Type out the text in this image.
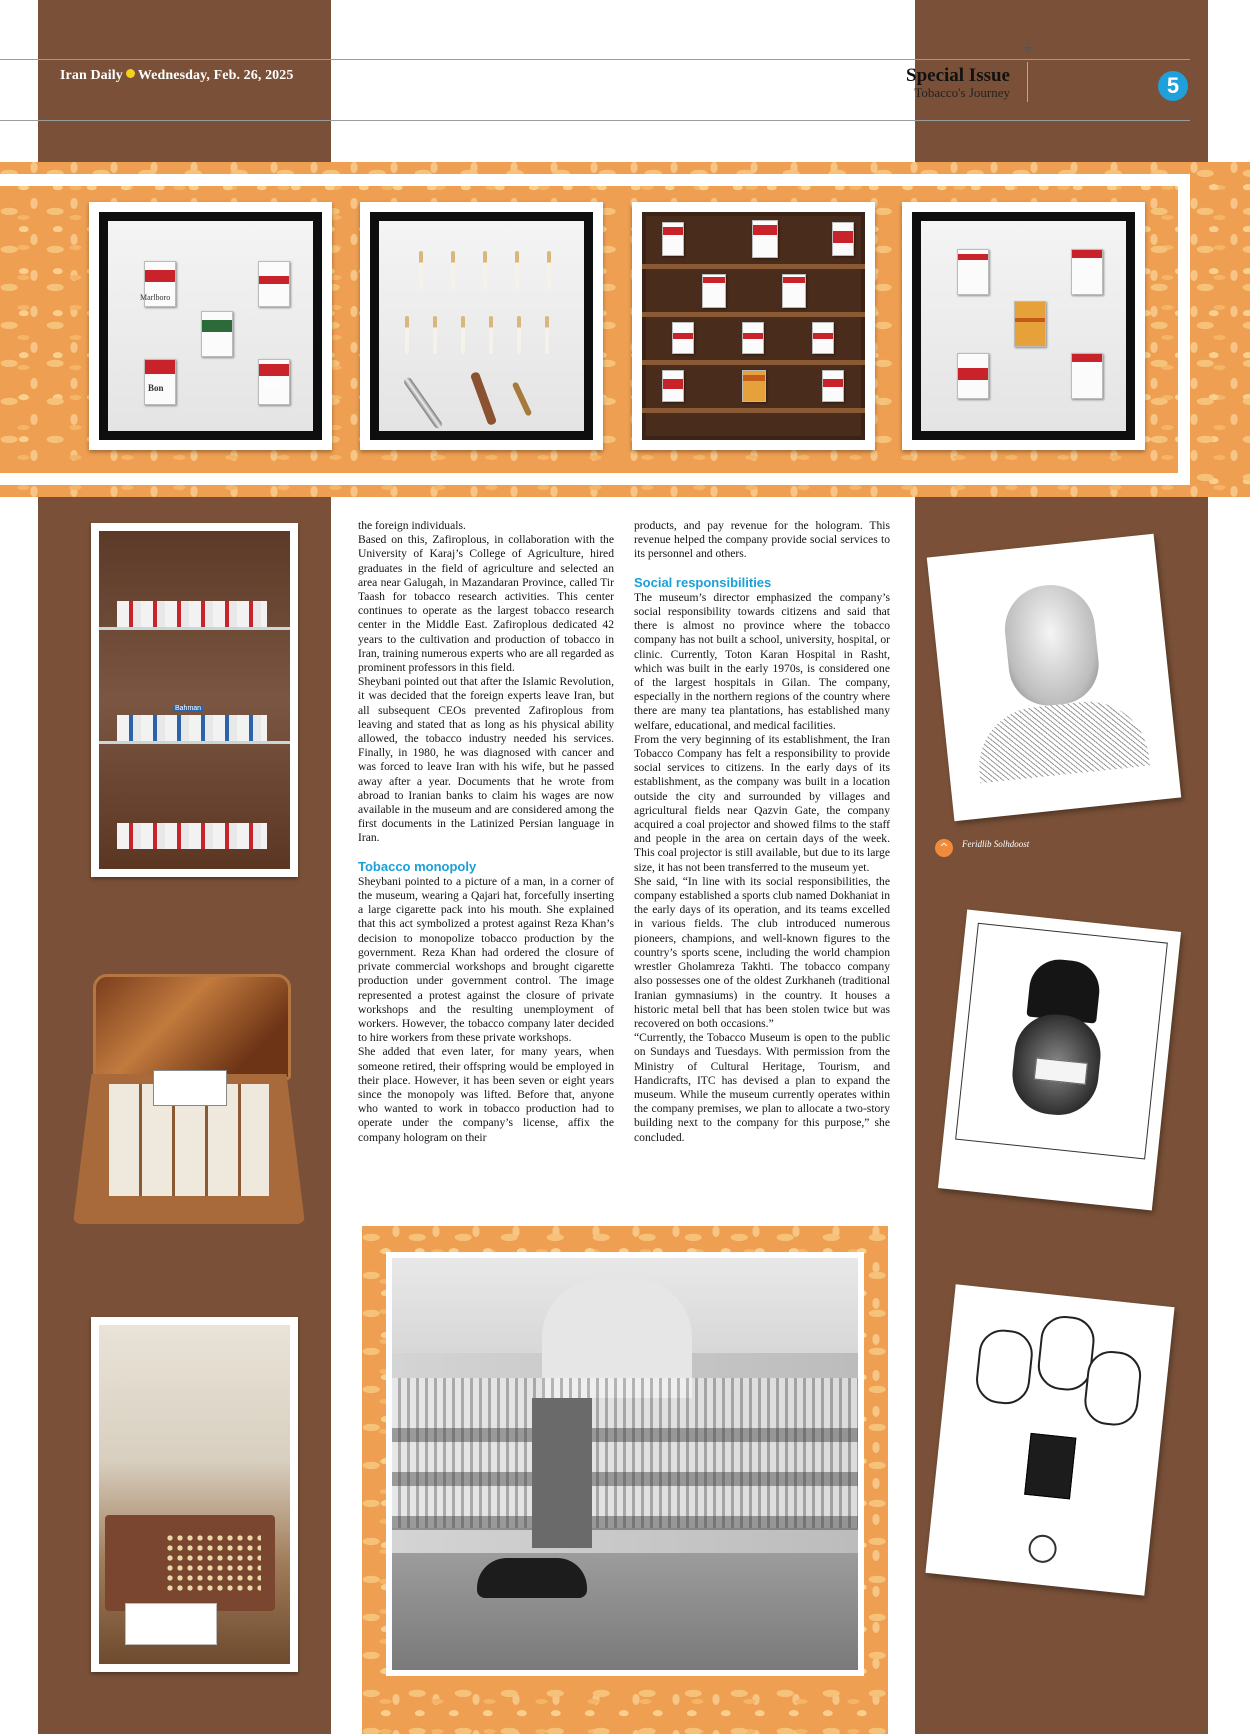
+
Iran Daily Wednesday, Feb. 26, 2025	Special Issue
Tobacco's Journey	5
Marlboro
Bon	Asia
Bahman

the foreign individuals.

Based on this, Zafiroplous, in collaboration with the University of Karaj’s College of Agriculture, hired graduates in the field of agriculture and selected an area near Galugah, in Mazandaran Province, called Tir Taash for tobacco research activities. This center continues to operate as the largest tobacco research center in the Middle East. Zafiroplous dedicated 42 years to the cultivation and production of tobacco in Iran, training numerous experts who are all regarded as prominent professors in this field.

Sheybani pointed out that after the Islamic Revolution, it was decided that the foreign experts leave Iran, but all subsequent CEOs prevented Zafiroplous from leaving and stated that as long as his physical ability allowed, the tobacco industry needed his services. Finally, in 1980, he was diagnosed with cancer and was forced to leave Iran with his wife, but he passed away after a year. Documents that he wrote from abroad to Iranian banks to claim his wages are now available in the museum and are considered among the first documents in the Latinized Persian language in Iran.

Tobacco monopoly

Sheybani pointed to a picture of a man, in a corner of the museum, wearing a Qajari hat, forcefully inserting a large cigarette pack into his mouth. She explained that this act symbolized a protest against Reza Khan’s decision to monopolize tobacco production by the government. Reza Khan had ordered the closure of private commercial workshops and brought cigarette production under government control. The image represented a protest against the closure of private workshops and the resulting unemployment of workers. However, the tobacco company later decided to hire workers from these private workshops.

She added that even later, for many years, when someone retired, their offspring would be employed in their place. However, it has been seven or eight years since the monopoly was lifted. Before that, anyone who wanted to work in tobacco production had to operate under the company’s license, affix the company hologram on their

products, and pay revenue for the hologram. This revenue helped the company provide social services to its personnel and others.

Social responsibilities

The museum’s director emphasized the company’s social responsibility towards citizens and said that there is almost no province where the tobacco company has not built a school, university, hospital, or clinic. Currently, Toton Karan Hospital in Rasht, which was built in the early 1970s, is considered one of the largest hospitals in Gilan. The company, especially in the northern regions of the country where there are many tea plantations, has established many welfare, educational, and medical facilities.

From the very beginning of its establishment, the Iran Tobacco Company has felt a responsibility to provide social services to citizens. In the early days of its establishment, as the company was built in a location outside the city and surrounded by villages and agricultural fields near Qazvin Gate, the company acquired a coal projector and showed films to the staff and people in the area on certain days of the week. This coal projector is still available, but due to its large size, it has not been transferred to the museum yet.

She said, “In line with its social responsibilities, the company established a sports club named Dokhaniat in the early days of its operation, and its teams excelled in various fields. The club introduced numerous pioneers, champions, and well-known figures to the country’s sports scene, including the world champion wrestler Gholamreza Takhti. The tobacco company also possesses one of the oldest Zurkhaneh (traditional Iranian gymnasiums) in the country. It houses a historic metal bell that has been stolen twice but was recovered on both occasions.”

“Currently, the Tobacco Museum is open to the public on Sundays and Tuesdays. With permission from the Ministry of Cultural Heritage, Tourism, and Handicrafts, ITC has devised a plan to expand the museum. While the museum currently operates within the company premises, we plan to allocate a two-story building next to the company for this purpose,” she concluded.

^	Feridlib Solhdoost
